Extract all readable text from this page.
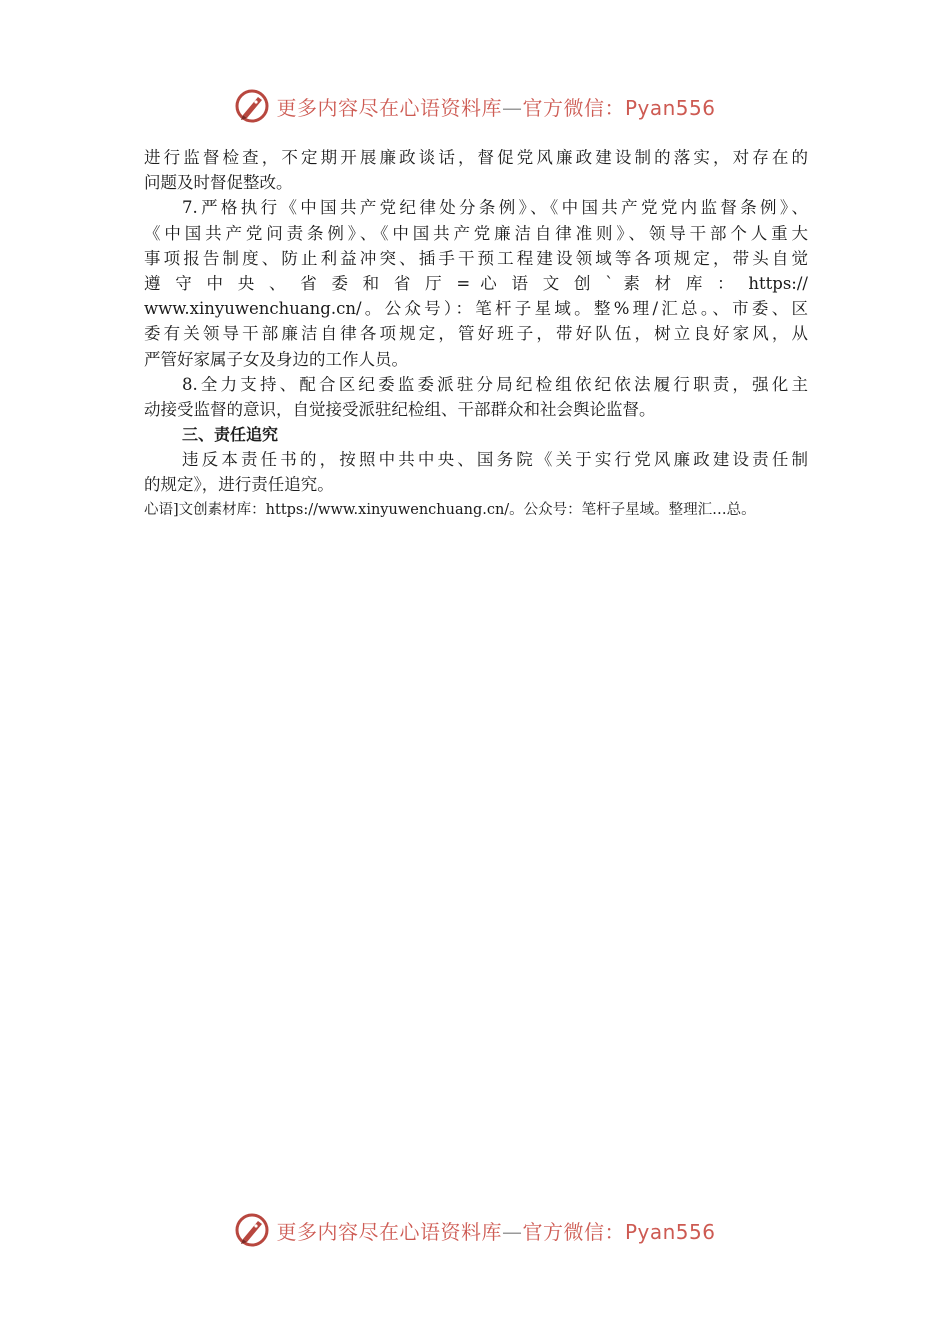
更多内容尽在心语资料库—官方微信：Pyan556
进行监督检查，不定期开展廉政谈话，督促党风廉政建设制的落实，对存在的
问题及时督促整改。
7.严格执行《中国共产党纪律处分条例》、《中国共产党党内监督条例》、
《中国共产党问责条例》、《中国共产党廉洁自律准则》、领导干部个人重大
事项报告制度、防止利益冲突、插手干预工程建设领域等各项规定，带头自觉
遵 守 中 央 、 省 委 和 省 厅 = 心 语 文 创 ` 素 材 库 ： https://
www.xinyuwenchuang.cn/。公众号）：笔杆子星域。整%理/汇总。、市委、区
委有关领导干部廉洁自律各项规定，管好班子，带好队伍，树立良好家风，从
严管好家属子女及身边的工作人员。
8.全力支持、配合区纪委监委派驻分局纪检组依纪依法履行职责，强化主
动接受监督的意识，自觉接受派驻纪检组、干部群众和社会舆论监督。
三、责任追究
违反本责任书的，按照中共中央、国务院《关于实行党风廉政建设责任制
的规定》，进行责任追究。
心语]文创素材库：https://www.xinyuwenchuang.cn/。公众号：笔杆子星域。整理汇…总。
更多内容尽在心语资料库—官方微信：Pyan556
